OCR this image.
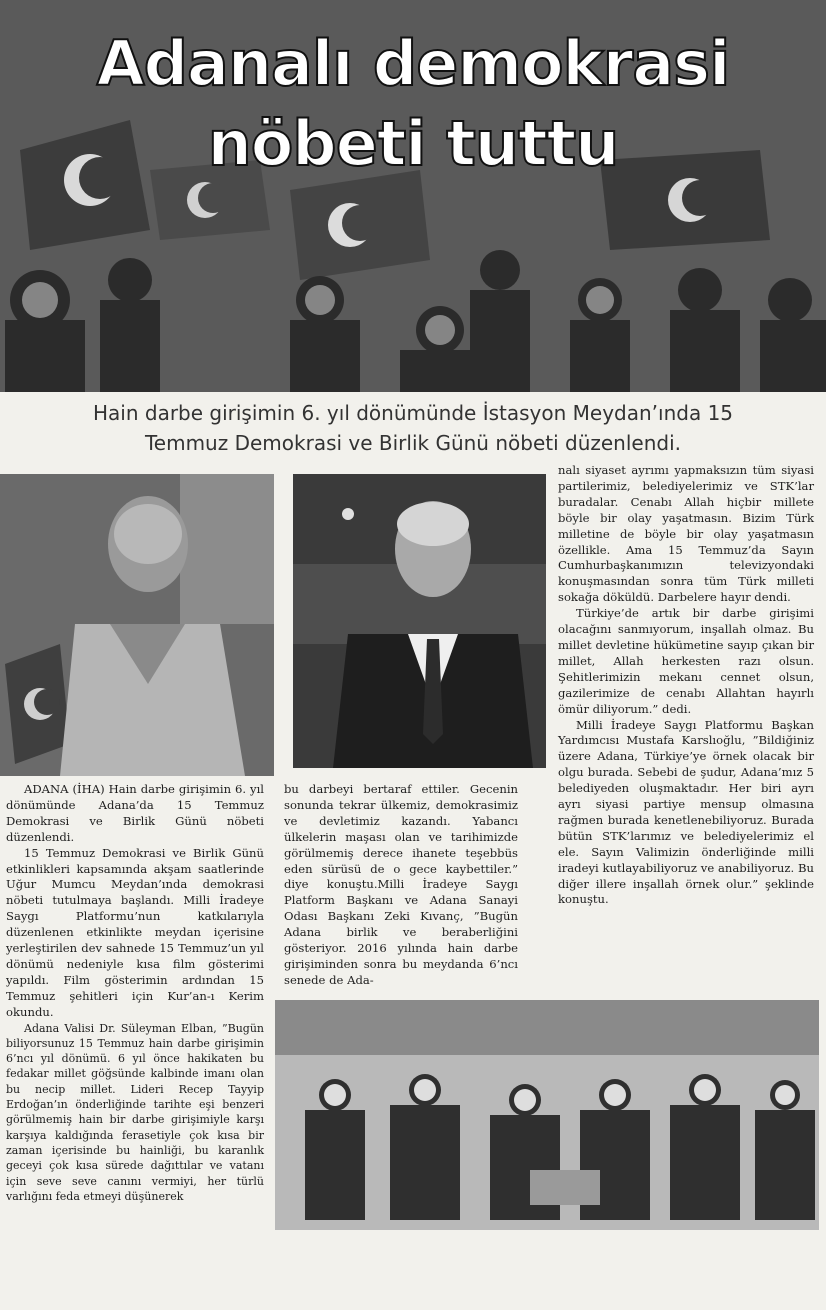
Adanalı demokrasi
nöbeti tuttu
Hain darbe girişimin 6. yıl dönümünde İstasyon Meydan’ında 15
Temmuz Demokrasi ve Birlik Günü nöbeti düzenlendi.

ADANA (İHA) Hain darbe girişimin 6. yıl dönümünde Adana’da 15 Temmuz Demokrasi ve Birlik Günü nöbeti düzenlendi.

15 Temmuz Demokrasi ve Birlik Günü etkinlikleri kapsamında akşam saatlerinde Uğur Mumcu Meydan’ında demokrasi nöbeti tutulmaya başlandı. Milli İradeye Saygı Platformu’nun katkılarıyla düzenlenen etkinlikte meydan içerisine yerleştirilen dev sahnede 15 Temmuz’un yıl dönümü nedeniyle kısa film gösterimi yapıldı. Film gösterimin ardından 15 Temmuz şehitleri için Kur’an-ı Kerim okundu.

Adana Valisi Dr. Süleyman Elban, ”Bugün biliyorsunuz 15 Temmuz hain darbe girişimin 6’ncı yıl dönümü. 6 yıl önce hakikaten bu fedakar millet göğsünde kalbinde imanı olan bu necip millet. Lideri Recep Tayyip Erdoğan’ın önderliğinde tarihte eşi benzeri görülmemiş hain bir darbe girişimiyle karşı karşıya kaldığında ferasetiyle çok kısa bir zaman içerisinde bu hainliği, bu karanlık geceyi çok kısa sürede dağıttılar ve vatanı için seve seve canını vermiyi, her türlü varlığını feda etmeyi düşünerek

bu darbeyi bertaraf ettiler. Gecenin sonunda tekrar ülkemiz, demokrasimiz ve devletimiz kazandı. Yabancı ülkelerin maşası olan ve tarihimizde görülmemiş derece ihanete teşebbüs eden sürüsü de o gece kaybettiler.” diye konuştu.Milli İradeye Saygı Platform Başkanı ve Adana Sanayi Odası Başkanı Zeki Kıvanç, ”Bugün Adana birlik ve beraberliğini gösteriyor. 2016 yılında hain darbe girişiminden sonra bu meydanda 6’ncı senede de Ada-

nalı siyaset ayrımı yapmaksızın tüm siyasi partilerimiz, belediyelerimiz ve STK’lar buradalar. Cenabı Allah hiçbir millete böyle bir olay yaşatmasın. Bizim Türk milletine de böyle bir olay yaşatmasın özellikle. Ama 15 Temmuz’da Sayın Cumhurbaşkanımızın televizyondaki konuşmasından sonra tüm Türk milleti sokağa döküldü. Darbelere hayır dendi.

Türkiye’de artık bir darbe girişimi olacağını sanmıyorum, inşallah olmaz. Bu millet devletine hükümetine sayıp çıkan bir millet, Allah herkesten razı olsun. Şehitlerimizin mekanı cennet olsun, gazilerimize de cenabı Allahtan hayırlı ömür diliyorum.” dedi.

Milli İradeye Saygı Platformu Başkan Yardımcısı Mustafa Karslıoğlu, ”Bildiğiniz üzere Adana, Türkiye’ye örnek olacak bir olgu burada. Sebebi de şudur, Adana’mız 5 belediyeden oluşmaktadır. Her biri ayrı ayrı siyasi partiye mensup olmasına rağmen burada kenetlenebiliyoruz. Burada bütün STK’larımız ve belediyelerimiz el ele. Sayın Valimizin önderliğinde milli iradeyi kutlayabiliyoruz ve anabiliyoruz. Bu diğer illere inşallah örnek olur.” şeklinde konuştu.
